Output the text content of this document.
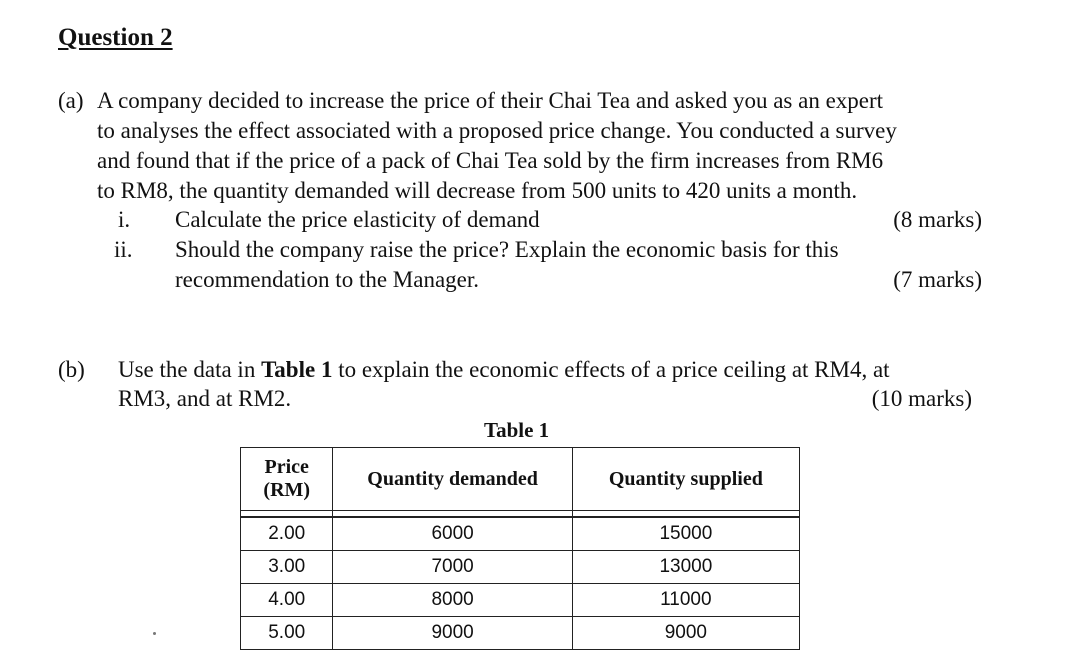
Question 2
(a) A company decided to increase the price of their Chai Tea and asked you as an expert
to analyses the effect associated with a proposed price change. You conducted a survey
and found that if the price of a pack of Chai Tea sold by the firm increases from RM6
to RM8, the quantity demanded will decrease from 500 units to 420 units a month.
i. Calculate the price elasticity of demand	(8 marks)
ii. Should the company raise the price? Explain the economic basis for this
recommendation to the Manager.	(7 marks)
(b) Use the data in Table 1 to explain the economic effects of a price ceiling at RM4, at
RM3, and at RM2.	(10 marks)
Table 1
Price
(RM)	Quantity demanded	Quantity supplied

2.00	6000	15000
3.00	7000	13000
4.00	8000	11000
5.00	9000	9000
